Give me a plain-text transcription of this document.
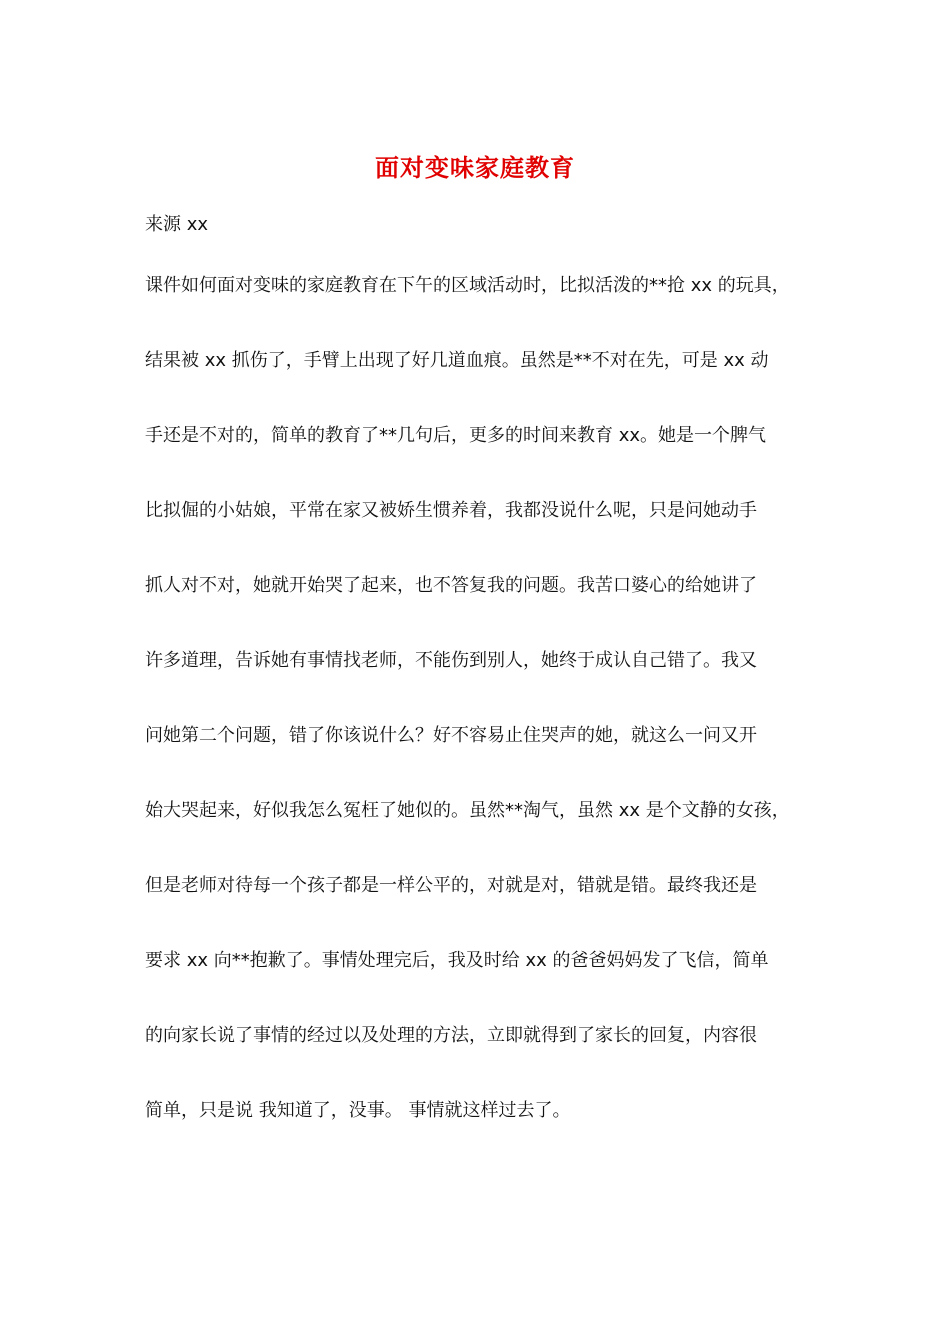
面对变味家庭教育
来源 xx
课件如何面对变味的家庭教育在下午的区域活动时，比拟活泼的**抢 xx 的玩具，
结果被 xx 抓伤了，手臂上出现了好几道血痕。虽然是**不对在先，可是 xx 动
手还是不对的，简单的教育了**几句后，更多的时间来教育 xx。她是一个脾气
比拟倔的小姑娘，平常在家又被娇生惯养着，我都没说什么呢，只是问她动手
抓人对不对，她就开始哭了起来，也不答复我的问题。我苦口婆心的给她讲了
许多道理，告诉她有事情找老师，不能伤到别人，她终于成认自己错了。我又
问她第二个问题，错了你该说什么？好不容易止住哭声的她，就这么一问又开
始大哭起来，好似我怎么冤枉了她似的。虽然**淘气，虽然 xx 是个文静的女孩，
但是老师对待每一个孩子都是一样公平的，对就是对，错就是错。最终我还是
要求 xx 向**抱歉了。事情处理完后，我及时给 xx 的爸爸妈妈发了飞信，简单
的向家长说了事情的经过以及处理的方法，立即就得到了家长的回复，内容很
简单，只是说 我知道了，没事。 事情就这样过去了。
